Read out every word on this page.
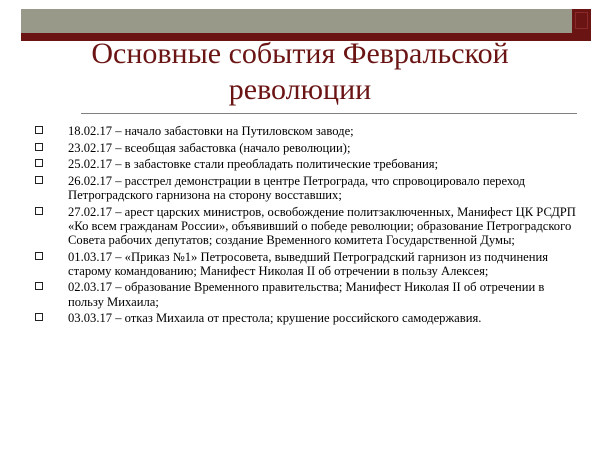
Основные события Февральской революции
18.02.17 – начало забастовки на Путиловском заводе;
23.02.17 – всеобщая забастовка (начало революции);
25.02.17 – в забастовке стали преобладать политические требования;
26.02.17 – расстрел демонстрации в центре Петрограда, что спровоцировало переход Петроградского гарнизона на сторону восставших;
27.02.17 – арест царских министров, освобождение политзаключенных, Манифест ЦК РСДРП «Ко всем гражданам России», объявивший о победе революции; образование Петроградского Совета рабочих депутатов; создание Временного комитета Государственной Думы;
01.03.17 – «Приказ №1» Петросовета, выведший Петроградский гарнизон из подчинения старому командованию; Манифест Николая II об отречении в пользу Алексея;
02.03.17 – образование Временного правительства; Манифест Николая II об отречении в пользу Михаила;
03.03.17 – отказ Михаила от престола; крушение российского самодержавия.
